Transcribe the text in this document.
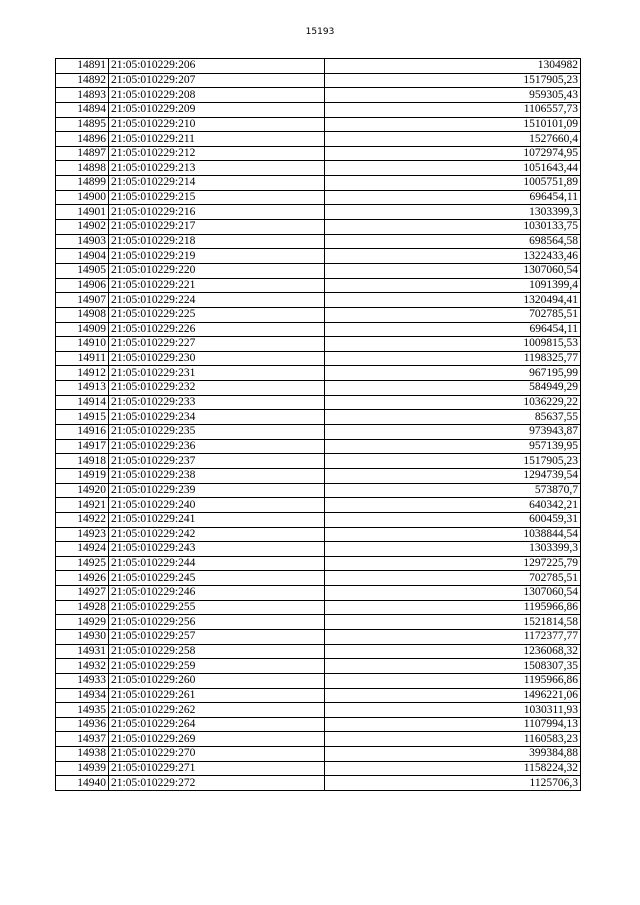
15193
14891	21:05:010229:206	1304982
14892	21:05:010229:207	1517905,23
14893	21:05:010229:208	959305,43
14894	21:05:010229:209	1106557,73
14895	21:05:010229:210	1510101,09
14896	21:05:010229:211	1527660,4
14897	21:05:010229:212	1072974,95
14898	21:05:010229:213	1051643,44
14899	21:05:010229:214	1005751,89
14900	21:05:010229:215	696454,11
14901	21:05:010229:216	1303399,3
14902	21:05:010229:217	1030133,75
14903	21:05:010229:218	698564,58
14904	21:05:010229:219	1322433,46
14905	21:05:010229:220	1307060,54
14906	21:05:010229:221	1091399,4
14907	21:05:010229:224	1320494,41
14908	21:05:010229:225	702785,51
14909	21:05:010229:226	696454,11
14910	21:05:010229:227	1009815,53
14911	21:05:010229:230	1198325,77
14912	21:05:010229:231	967195,99
14913	21:05:010229:232	584949,29
14914	21:05:010229:233	1036229,22
14915	21:05:010229:234	85637,55
14916	21:05:010229:235	973943,87
14917	21:05:010229:236	957139,95
14918	21:05:010229:237	1517905,23
14919	21:05:010229:238	1294739,54
14920	21:05:010229:239	573870,7
14921	21:05:010229:240	640342,21
14922	21:05:010229:241	600459,31
14923	21:05:010229:242	1038844,54
14924	21:05:010229:243	1303399,3
14925	21:05:010229:244	1297225,79
14926	21:05:010229:245	702785,51
14927	21:05:010229:246	1307060,54
14928	21:05:010229:255	1195966,86
14929	21:05:010229:256	1521814,58
14930	21:05:010229:257	1172377,77
14931	21:05:010229:258	1236068,32
14932	21:05:010229:259	1508307,35
14933	21:05:010229:260	1195966,86
14934	21:05:010229:261	1496221,06
14935	21:05:010229:262	1030311,93
14936	21:05:010229:264	1107994,13
14937	21:05:010229:269	1160583,23
14938	21:05:010229:270	399384,88
14939	21:05:010229:271	1158224,32
14940	21:05:010229:272	1125706,3
